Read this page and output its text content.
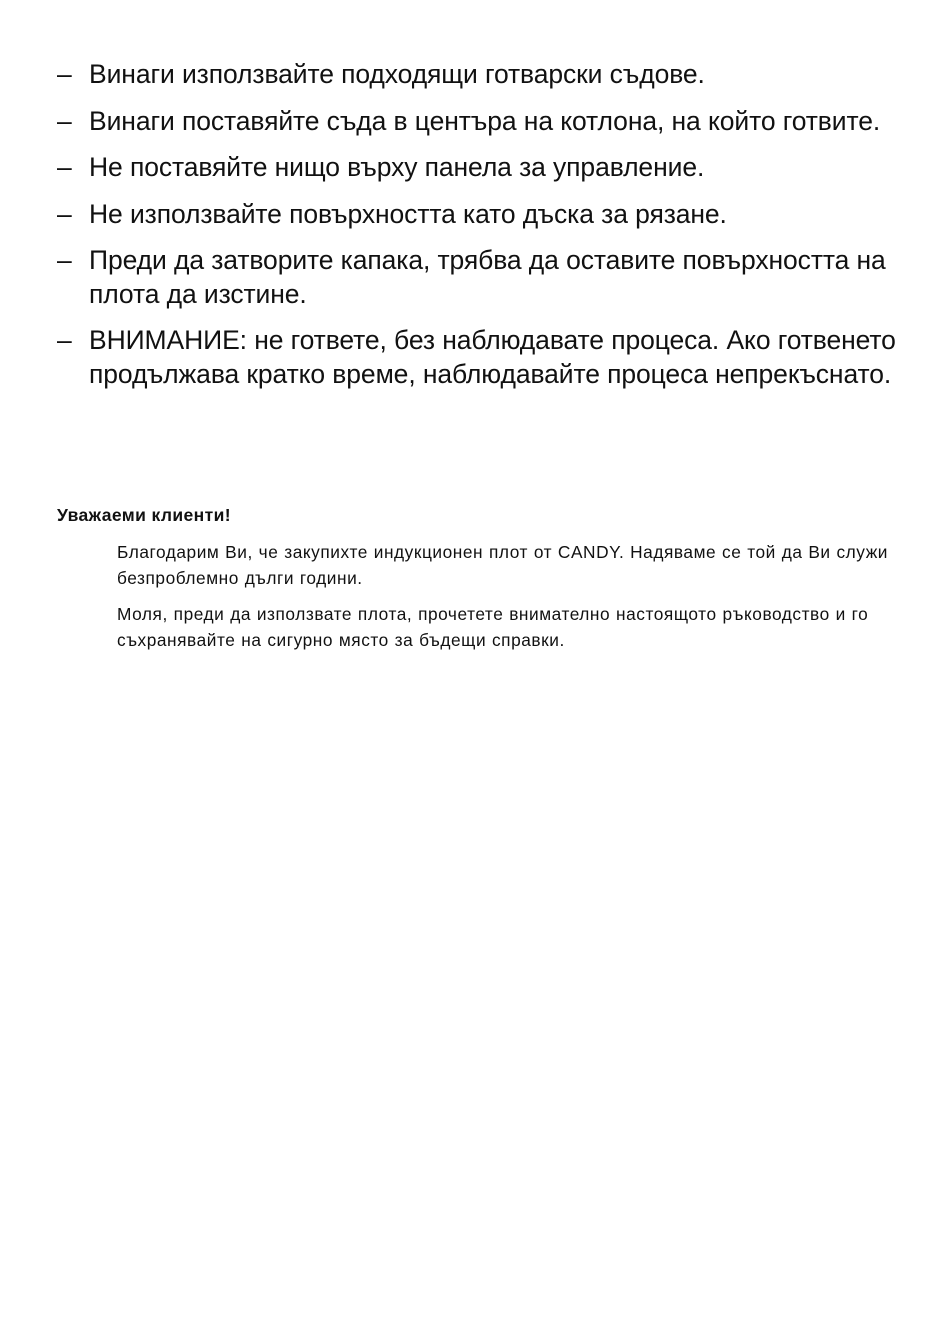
– Винаги използвайте подходящи готварски съдове.
– Винаги поставяйте съда в центъра на котлона, на който готвите.
– Не поставяйте нищо върху панела за управление.
– Не използвайте повърхността като дъска за рязане.
– Преди да затворите капака, трябва да оставите повърхността на плота да изстине.
– ВНИМАНИЕ: не гответе, без наблюдавате процеса. Ако готвенето продължава кратко време, наблюдавайте процеса непрекъснато.
Уважаеми клиенти!

Благодарим Ви, че закупихте индукционен плот от CANDY. Надяваме се той да Ви служи безпроблемно дълги години.

Моля, преди да използвате плота, прочетете внимателно настоящото ръководство и го съхранявайте на сигурно място за бъдещи справки.
